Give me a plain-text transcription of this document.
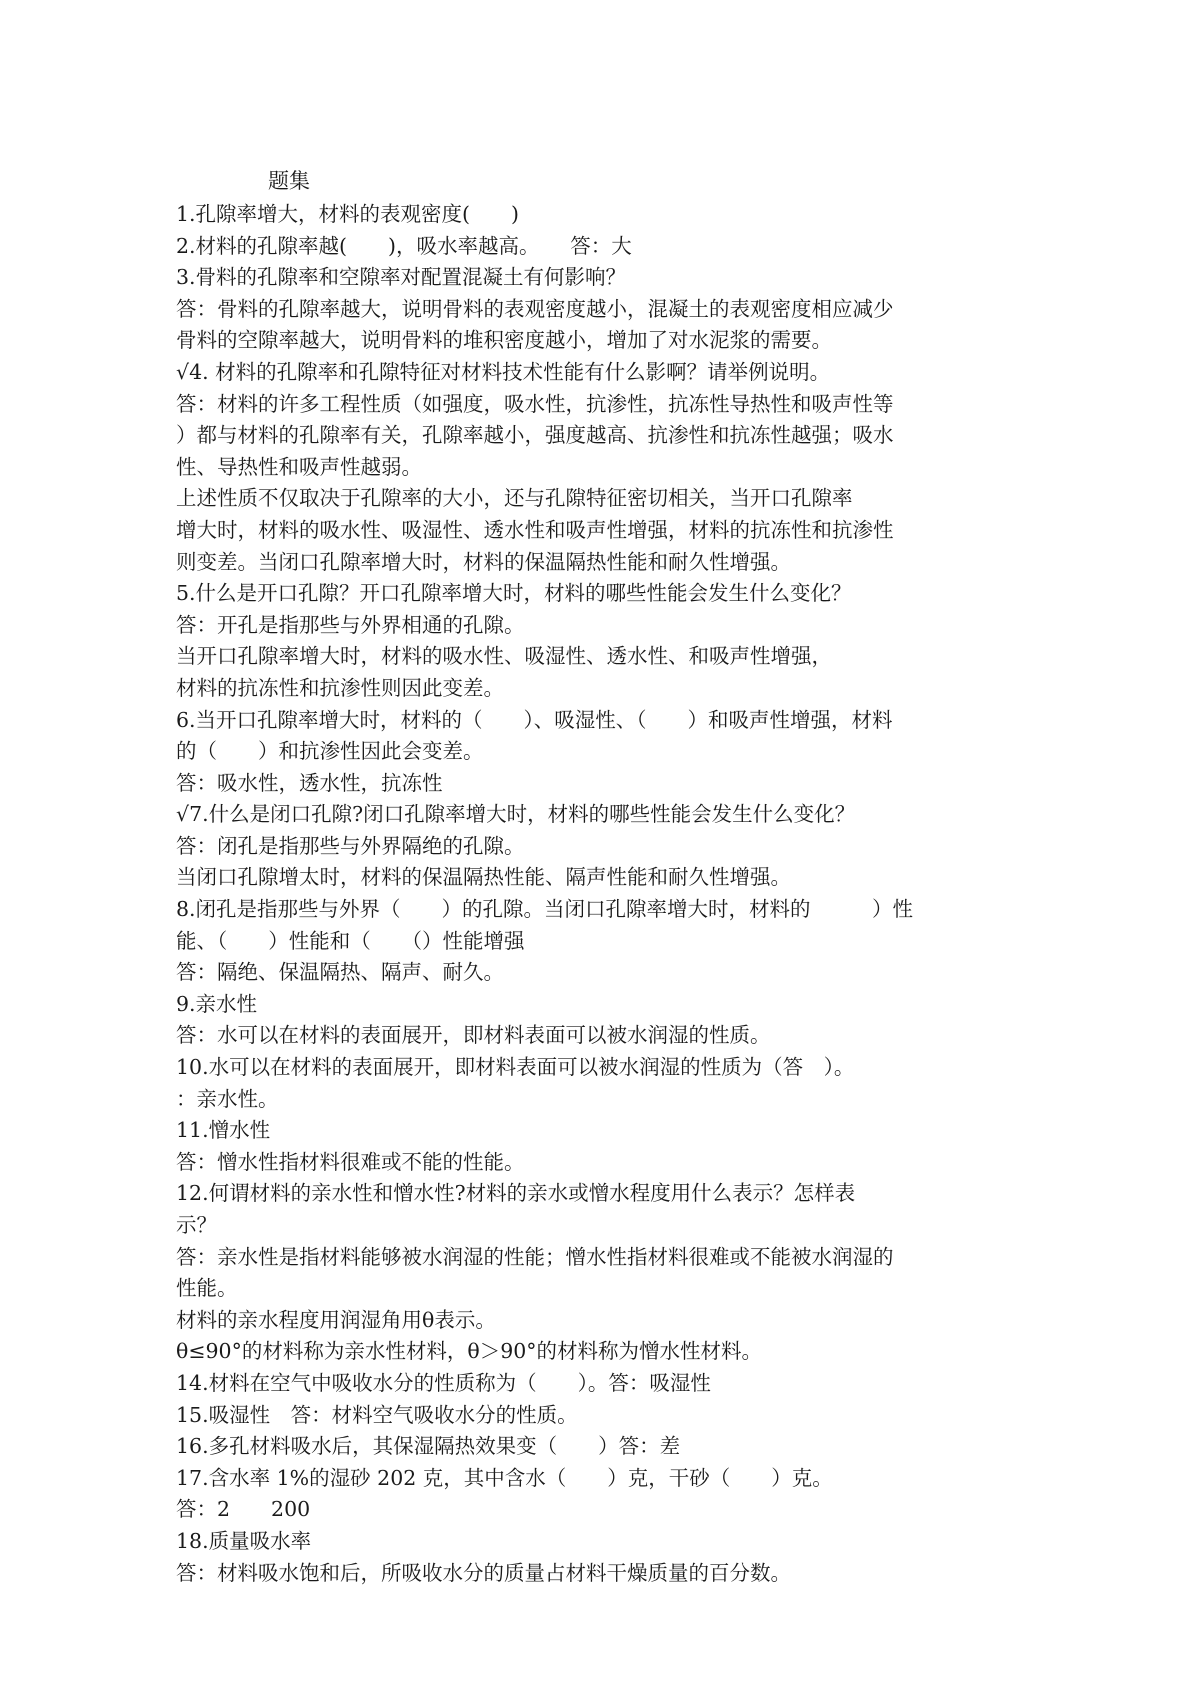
题集
1.孔隙率增大，材料的表观密度(　　)
2.材料的孔隙率越(　　)，吸水率越高。　　答：大
3.骨料的孔隙率和空隙率对配置混凝土有何影响？
答：骨料的孔隙率越大，说明骨料的表观密度越小，混凝土的表观密度相应减少
骨料的空隙率越大，说明骨料的堆积密度越小，增加了对水泥浆的需要。
√4. 材料的孔隙率和孔隙特征对材料技术性能有什么影啊？请举例说明。
答：材料的许多工程性质（如强度，吸水性，抗渗性，抗冻性导热性和吸声性等
）都与材料的孔隙率有关，孔隙率越小，强度越高、抗渗性和抗冻性越强；吸水
性、导热性和吸声性越弱。
上述性质不仅取决于孔隙率的大小，还与孔隙特征密切相关，当开口孔隙率
增大时，材料的吸水性、吸湿性、透水性和吸声性增强，材料的抗冻性和抗渗性
则变差。当闭口孔隙率增大时，材料的保温隔热性能和耐久性增强。
5.什么是开口孔隙？开口孔隙率增大时，材料的哪些性能会发生什么变化？
答：开孔是指那些与外界相通的孔隙。
当开口孔隙率增大时，材料的吸水性、吸湿性、透水性、和吸声性增强，
材料的抗冻性和抗渗性则因此变差。
6.当开口孔隙率增大时，材料的（　　）、吸湿性、（　　）和吸声性增强，材料
的（　　）和抗渗性因此会变差。
答：吸水性，透水性，抗冻性
√7.什么是闭口孔隙?闭口孔隙率增大时，材料的哪些性能会发生什么变化？
答：闭孔是指那些与外界隔绝的孔隙。
当闭口孔隙增太时，材料的保温隔热性能、隔声性能和耐久性增强。
8.闭孔是指那些与外界（　　）的孔隙。当闭口孔隙率增大时，材料的　　　）性
能、（　　）性能和（　　（）性能增强
答：隔绝、保温隔热、隔声、耐久。
9.亲水性
答：水可以在材料的表面展开，即材料表面可以被水润湿的性质。
10.水可以在材料的表面展开，即材料表面可以被水润湿的性质为（答　）。
：亲水性。
11.憎水性
答：憎水性指材料很难或不能的性能。
12.何谓材料的亲水性和憎水性?材料的亲水或憎水程度用什么表示？怎样表
示？
答：亲水性是指材料能够被水润湿的性能；憎水性指材料很难或不能被水润湿的
性能。
材料的亲水程度用润湿角用θ表示。
θ≤90°的材料称为亲水性材料，θ＞90°的材料称为憎水性材料。
14.材料在空气中吸收水分的性质称为（　　）。答：吸湿性
15.吸湿性　答：材料空气吸收水分的性质。
16.多孔材料吸水后，其保湿隔热效果变（　　）答：差
17.含水率 1%的湿砂 202 克，其中含水（　　）克，干砂（　　）克。
答：2　　200
18.质量吸水率
答：材料吸水饱和后，所吸收水分的质量占材料干燥质量的百分数。
